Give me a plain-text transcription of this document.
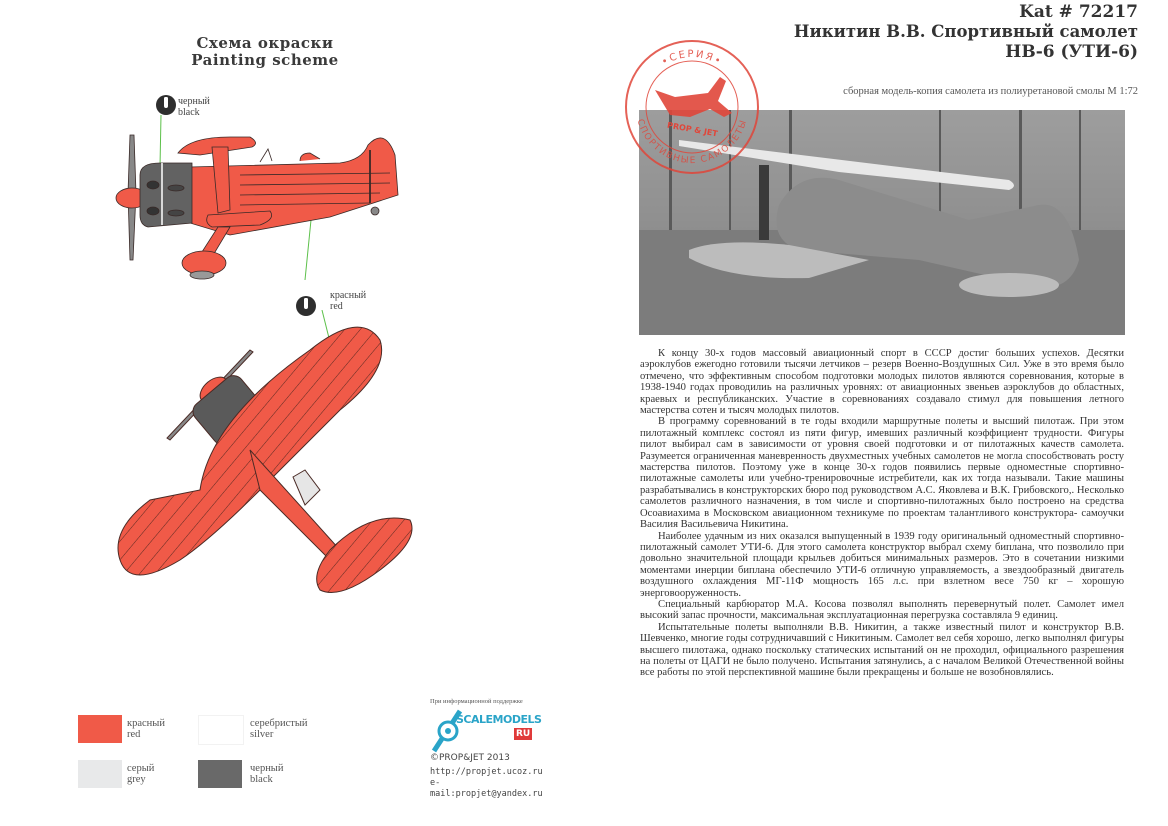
Схема окраски
Painting scheme
черный
black
красный
red
красный
red
серебристый
silver
серый
grey
черный
black
При информационной поддержке
SCALEMODELS
RU
©PROP&JET 2013
http://propjet.ucoz.ru
e-mail:propjet@yandex.ru
•СЕРИЯ•
СПОРТИВНЫЕ САМОЛЕТЫ
PROP & JET
Kat # 72217
Никитин В.В. Спортивный самолет
НВ-6 (УТИ-6)
сборная модель-копия самолета из полиуретановой смолы М 1:72

К концу 30-х годов массовый авиационный спорт в СССР достиг больших успехов. Десятки аэроклубов ежегодно готовили тысячи летчиков – резерв Военно-Воздушных Сил. Уже в это время было отмечено, что эффективным способом подготовки молодых пилотов являются соревнования, которые в 1938-1940 годах проводилиь на различных уровнях: от авиационных звеньев аэроклубов до областных, краевых и республиканских. Участие в соревнованиях создавало стимул для повышения летного мастерства сотен и тысяч молодых пилотов.

В программу соревнований в те годы входили маршрутные полеты и высший пилотаж. При этом пилотажный комплекс состоял из пяти фигур, имевших различный коэффициент трудности. Фигуры пилот выбирал сам в зависимости от уровня своей подготовки и от пилотажных качеств самолета. Разумеется ограниченная маневренность двухместных учебных самолетов не могла способствовать росту мастерства пилотов. Поэтому уже в конце 30-х годов появились первые одноместные спортивно-пилотажные самолеты или учебно-тренировочные истребители, как их тогда называли. Такие машины разрабатывались в конструкторских бюро под руководством А.С. Яковлева и В.К. Грибовского,. Несколько самолетов различного назначения, в том числе и спортивно-пилотажных было построено на средства Осоавиахима в Московском авиационном техникуме по проектам талантливого конструктора- самоучки Василия Васильевича Никитина.

Наиболее удачным из них оказался выпущенный в 1939 году оригинальный одноместный спортивно-пилотажный самолет УТИ-6. Для этого самолета конструктор выбрал схему биплана, что позволило при довольно значительной площади крыльев добиться минимальных размеров. Это в сочетании низкими моментами инерции биплана обеспечило УТИ-6 отличную управляемость, а звездообразный двигатель воздушного охлаждения МГ-11Ф мощность 165 л.с. при взлетном весе 750 кг – хорошую энерговооруженность.

Специальный карбюратор М.А. Косова позволял выполнять перевернутый полет. Самолет имел высокий запас прочности, максимальная эксплуатационная перегрузка составляла 9 единиц.

Испытательные полеты выполняли В.В. Никитин, а также известный пилот и конструктор В.В. Шевченко, многие годы сотрудничавший с Никитиным. Самолет вел себя хорошо, легко выполнял фигуры высшего пилотажа, однако поскольку статических испытаний он не проходил, официального разрешения на полеты от ЦАГИ не было получено. Испытания затянулись, а с началом Великой Отечественной войны все работы по этой перспективной машине были прекращены и больше не возобновлялись.
